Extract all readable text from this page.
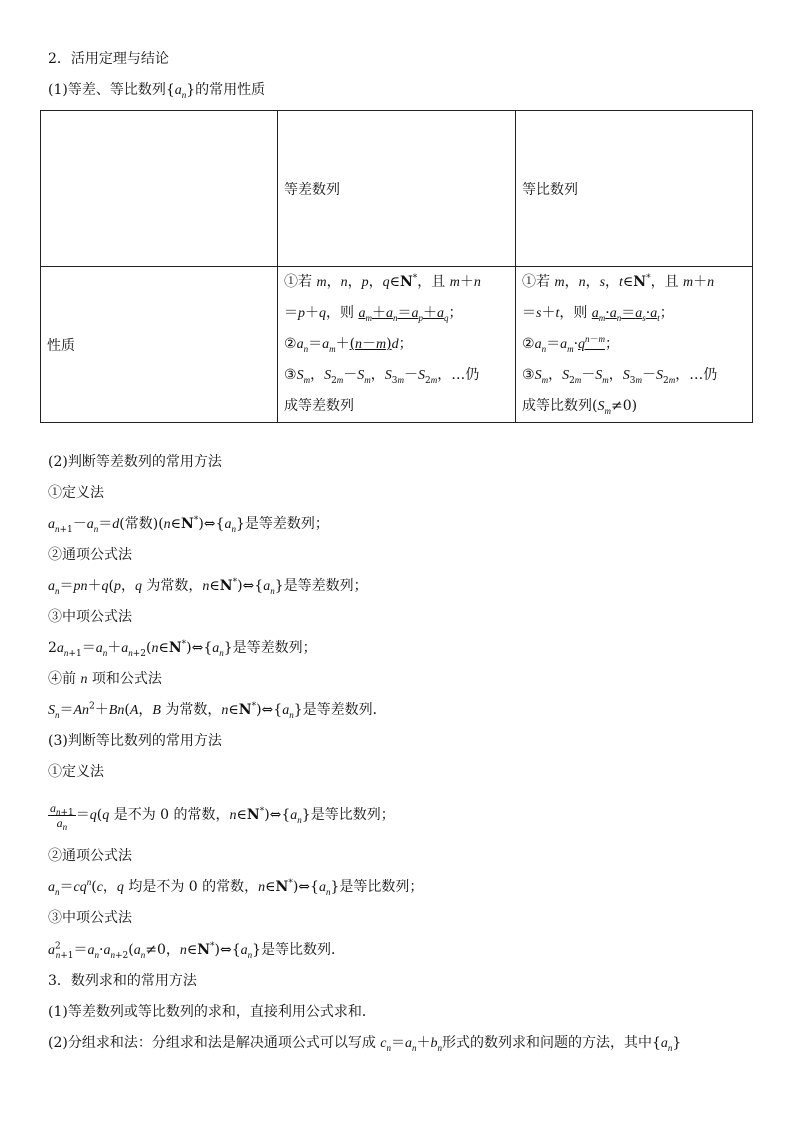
2．活用定理与结论
(1)等差、等比数列$\{a_n\}$的常用性质
	等差数列	等比数列
性质	①若 m，n，p，q∈N*，且 m＋n
＝p＋q，则 $a_m+a_n=a_p+a_q$；
$②a_n=a_m+(n-m)d$；
$③S_m$，$S_{2m}-S_m$，$S_{3m}-S_{2m}$，…仍
成等差数列	①若 m，n，s，t∈N*，且 m＋n
＝s＋t，则 $a_m\cdot a_n=a_s\cdot a_t$；
$②a_n=a_m\cdot q^{n-m}$；
$③S_m$，$S_{2m}-S_m$，$S_{3m}-S_{2m}$，…仍
成等比数列$(S_m\ne 0)$
(2)判断等差数列的常用方法
①定义法
$a_{n+1}-a_n=d$(常数)$(n\in N^*)\Leftrightarrow\{a_n\}$是等差数列；
②通项公式法
$a_n=pn+q(p$，q 为常数，$n\in N^*)\Leftrightarrow\{a_n\}$是等差数列；
③中项公式法
$2a_{n+1}=a_n+a_{n+2}(n\in N^*)\Leftrightarrow\{a_n\}$是等差数列；
④前 n 项和公式法
$S_n=An^2+Bn(A$，B 为常数，$n\in N^*)\Leftrightarrow\{a_n\}$是等差数列．
(3)判断等比数列的常用方法
①定义法
$\frac{a_{n+1}}{a_n} =q(q$ 是不为 0 的常数，$n\in N^*)\Leftrightarrow\{a_n\}$是等比数列；
②通项公式法
$a_n=cq^n(c$，q 均是不为 0 的常数，$n\in N^*)\Leftrightarrow\{a_n\}$是等比数列；
③中项公式法
$a^2_{n+1}=a_n\cdot a_{n+2}(a_n\ne 0$，$n\in N^*)\Leftrightarrow\{a_n\}$是等比数列．
3．数列求和的常用方法
(1)等差数列或等比数列的求和，直接利用公式求和．
(2)分组求和法：分组求和法是解决通项公式可以写成 $c_n=a_n+b_n$形式的数列求和问题的方法，其中$\{a_n\}$
